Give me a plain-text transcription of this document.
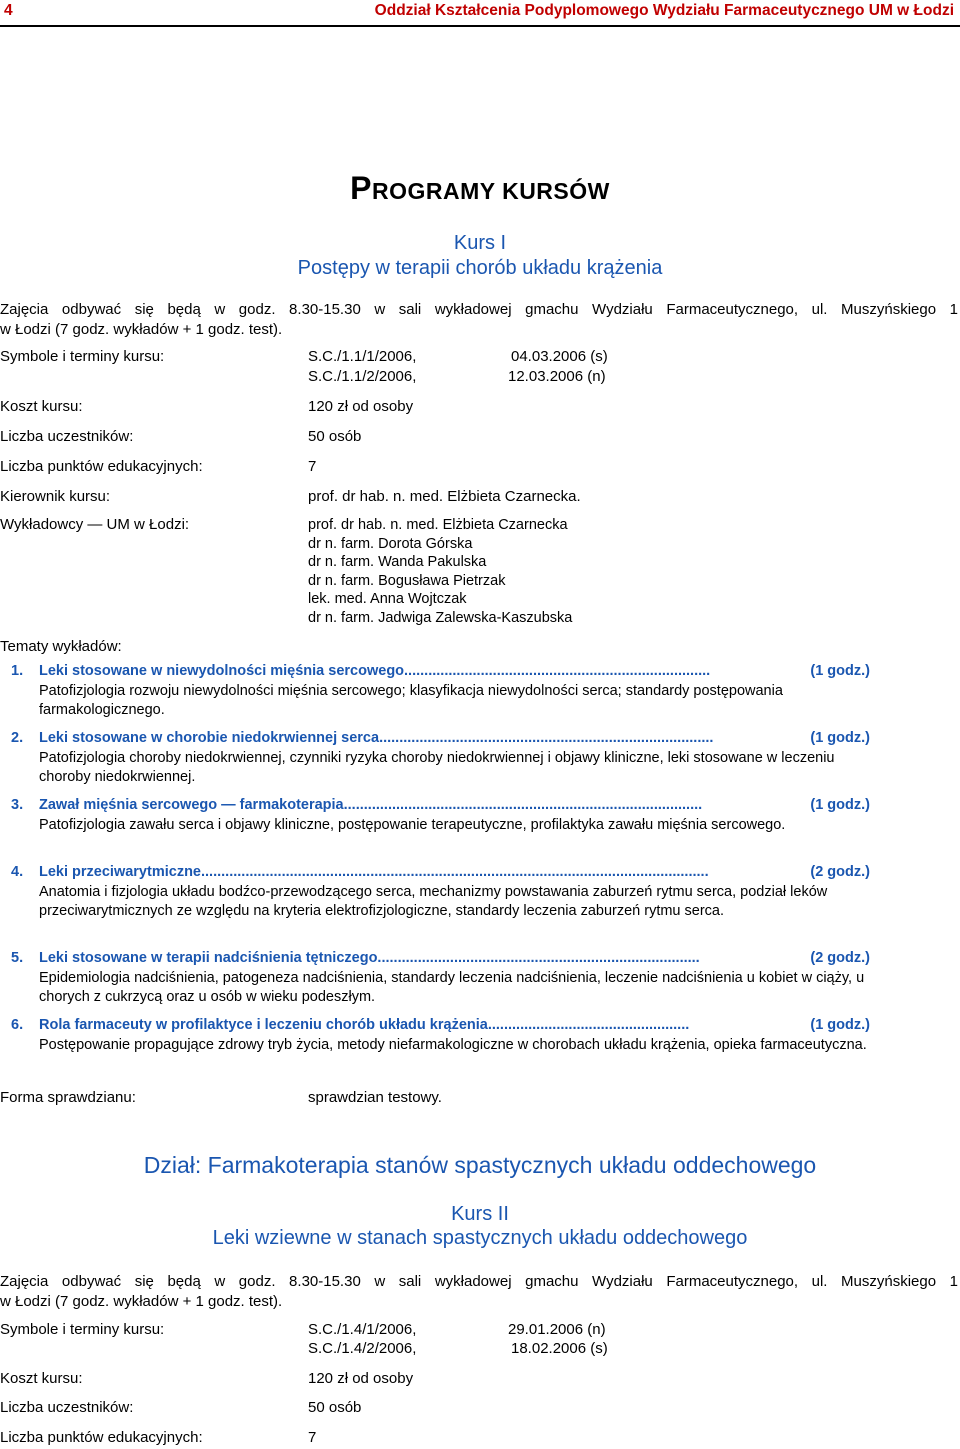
4	Oddział Kształcenia Podyplomowego Wydziału Farmaceutycznego UM w Łodzi
PROGRAMY KURSÓW
Kurs I
Postępy w terapii chorób układu krążenia
Zajęcia odbywać się będą w godz. 8.30-15.30 w sali wykładowej gmachu Wydziału Farmaceutycznego, ul. Muszyńskiego 1
w Łodzi (7 godz. wykładów + 1 godz. test).
Symbole i terminy kursu:	S.C./1.1/1/2006,	04.03.2006 (s)
S.C./1.1/2/2006,	12.03.2006 (n)
Koszt kursu:	120 zł od osoby
Liczba uczestników:	50 osób
Liczba punktów edukacyjnych:	7
Kierownik kursu:	prof. dr hab. n. med. Elżbieta Czarnecka.
Wykładowcy — UM w Łodzi:	prof. dr hab. n. med. Elżbieta Czarnecka
dr n. farm. Dorota Górska
dr n. farm. Wanda Pakulska
dr n. farm. Bogusława Pietrzak
lek. med. Anna Wojtczak
dr n. farm. Jadwiga Zalewska-Kaszubska
Tematy wykładów:
1. Leki stosowane w niewydolności mięśnia sercowego............................................................................	(1 godz.)
Patofizjologia rozwoju niewydolności mięśnia sercowego; klasyfikacja niewydolności serca; standardy postępowania farmakologicznego.
2. Leki stosowane w chorobie niedokrwiennej serca...................................................................................	(1 godz.)
Patofizjologia choroby niedokrwiennej, czynniki ryzyka choroby niedokrwiennej i objawy kliniczne, leki stosowane w leczeniu choroby niedokrwiennej.
3. Zawał mięśnia sercowego — farmakoterapia.........................................................................................	(1 godz.)
Patofizjologia zawału serca i objawy kliniczne, postępowanie terapeutyczne, profilaktyka zawału mięśnia sercowego.
4. Leki przeciwarytmiczne..............................................................................................................................	(2 godz.)
Anatomia i fizjologia układu bodźco-przewodzącego serca, mechanizmy powstawania zaburzeń rytmu serca, podział leków przeciwarytmicznych ze względu na kryteria elektrofizjologiczne, standardy leczenia zaburzeń rytmu serca.
5. Leki stosowane w terapii nadciśnienia tętniczego................................................................................	(2 godz.)
Epidemiologia nadciśnienia, patogeneza nadciśnienia, standardy leczenia nadciśnienia, leczenie nadciśnienia u kobiet w ciąży, u chorych z cukrzycą oraz u osób w wieku podeszłym.
6. Rola farmaceuty w profilaktyce i leczeniu chorób układu krążenia..................................................	(1 godz.)
Postępowanie propagujące zdrowy tryb życia, metody niefarmakologiczne w chorobach układu krążenia, opieka farmaceutyczna.
Forma sprawdzianu:	sprawdzian testowy.
Dział: Farmakoterapia stanów spastycznych układu oddechowego
Kurs II
Leki wziewne w stanach spastycznych układu oddechowego
Zajęcia odbywać się będą w godz. 8.30-15.30 w sali wykładowej gmachu Wydziału Farmaceutycznego, ul. Muszyńskiego 1
w Łodzi (7 godz. wykładów + 1 godz. test).
Symbole i terminy kursu:	S.C./1.4/1/2006,	29.01.2006 (n)
S.C./1.4/2/2006,	18.02.2006 (s)
Koszt kursu:	120 zł od osoby
Liczba uczestników:	50 osób
Liczba punktów edukacyjnych:	7
